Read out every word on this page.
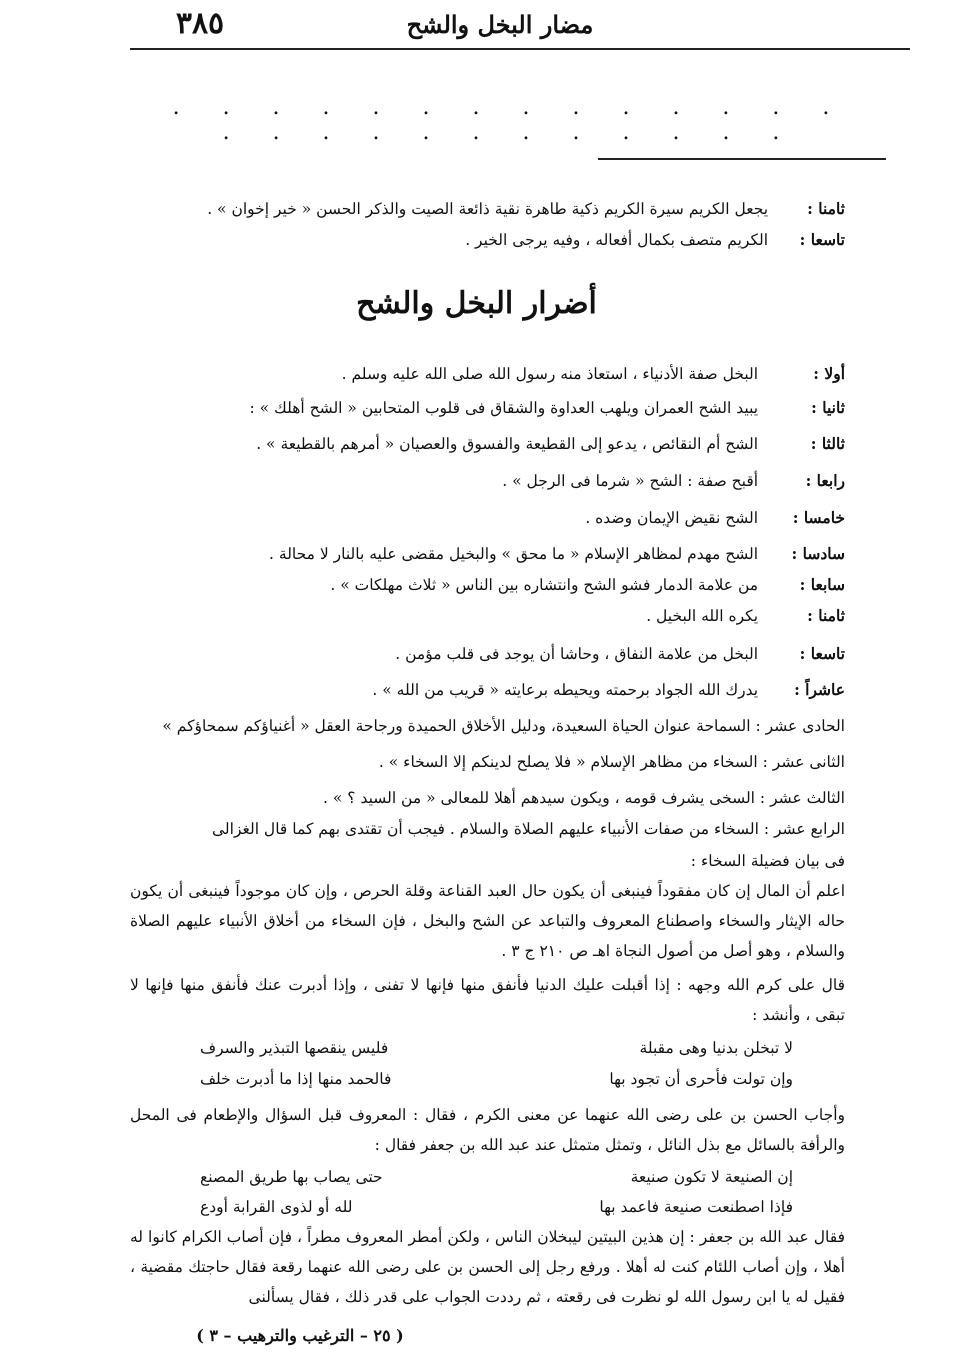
مضار البخل والشح
٣٨٥
. . . . . . . . . . . . . . . . . . . . . . . . . .
ثامنا : يجعل الكريم سيرة الكريم ذكية طاهرة نقية ذائعة الصيت والذكر الحسن « خير إخوان » .
تاسعا : الكريم متصف بكمال أفعاله ، وفيه يرجى الخير .
أضرار البخل والشح
أولا : البخل صفة الأدنياء ، استعاذ منه رسول الله صلى الله عليه وسلم .
ثانيا : يبيد الشح العمران ويلهب العداوة والشقاق فى قلوب المتحابين « الشح أهلك » :
ثالثا : الشح أم النقائص ، يدعو إلى القطيعة والفسوق والعصيان « أمرهم بالقطيعة » .
رابعا : أقبح صفة : الشح « شرما فى الرجل » .
خامسا : الشح نقيض الإيمان وضده .
سادسا : الشح مهدم لمظاهر الإسلام « ما محق » والبخيل مقضى عليه بالنار لا محالة .
سابعا : من علامة الدمار فشو الشح وانتشاره بين الناس « ثلاث مهلكات » .
ثامنا : يكره الله البخيل .
تاسعا : البخل من علامة النفاق ، وحاشا أن يوجد فى قلب مؤمن .
عاشراً : يدرك الله الجواد برحمته ويحيطه برعايته « قريب من الله » .
الحادى عشر : السماحة عنوان الحياة السعيدة، ودليل الأخلاق الحميدة ورجاحة العقل « أغنياؤكم سمحاؤكم »
الثانى عشر : السخاء من مظاهر الإسلام « فلا يصلح لدينكم إلا السخاء » .
الثالث عشر : السخى يشرف قومه ، ويكون سيدهم أهلا للمعالى « من السيد ؟ » .
الرابع عشر : السخاء من صفات الأنبياء عليهم الصلاة والسلام . فيجب أن تقتدى بهم كما قال الغزالى
فى بيان فضيلة السخاء :
اعلم أن المال إن كان مفقوداً فينبغى أن يكون حال العبد القناعة وقلة الحرص ، وإن كان موجوداً فينبغى أن يكون حاله الإيثار والسخاء واصطناع المعروف والتباعد عن الشح والبخل ، فإن السخاء من أخلاق الأنبياء عليهم الصلاة والسلام ، وهو أصل من أصول النجاة اهـ ص ٢١٠ ج ٣ .
قال على كرم الله وجهه : إذا أقبلت عليك الدنيا فأنفق منها فإنها لا تفنى ، وإذا أدبرت عنك فأنفق منها فإنها لا تبقى ، وأنشد :
لا تبخلن بدنيا وهى مقبلة
فليس ينقصها التبذير والسرف
وإن تولت فأحرى أن تجود بها
فالحمد منها إذا ما أدبرت خلف
وأجاب الحسن بن على رضى الله عنهما عن معنى الكرم ، فقال : المعروف قبل السؤال والإطعام فى المحل والرأفة بالسائل مع بذل النائل ، وتمثل متمثل عند عبد الله بن جعفر فقال :
إن الصنيعة لا تكون صنيعة
حتى يصاب بها طريق المصنع
فإذا اصطنعت صنيعة فاعمد بها
لله أو لذوى القرابة أودع
فقال عبد الله بن جعفر : إن هذين البيتين ليبخلان الناس ، ولكن أمطر المعروف مطراً ، فإن أصاب الكرام كانوا له أهلا ، وإن أصاب اللئام كنت له أهلا . ورفع رجل إلى الحسن بن على رضى الله عنهما رقعة فقال حاجتك مقضية ، فقيل له يا ابن رسول الله لو نظرت فى رقعته ، ثم رددت الجواب على قدر ذلك ، فقال يسألنى
( ٢٥ – الترغيب والترهيب – ٣ )
